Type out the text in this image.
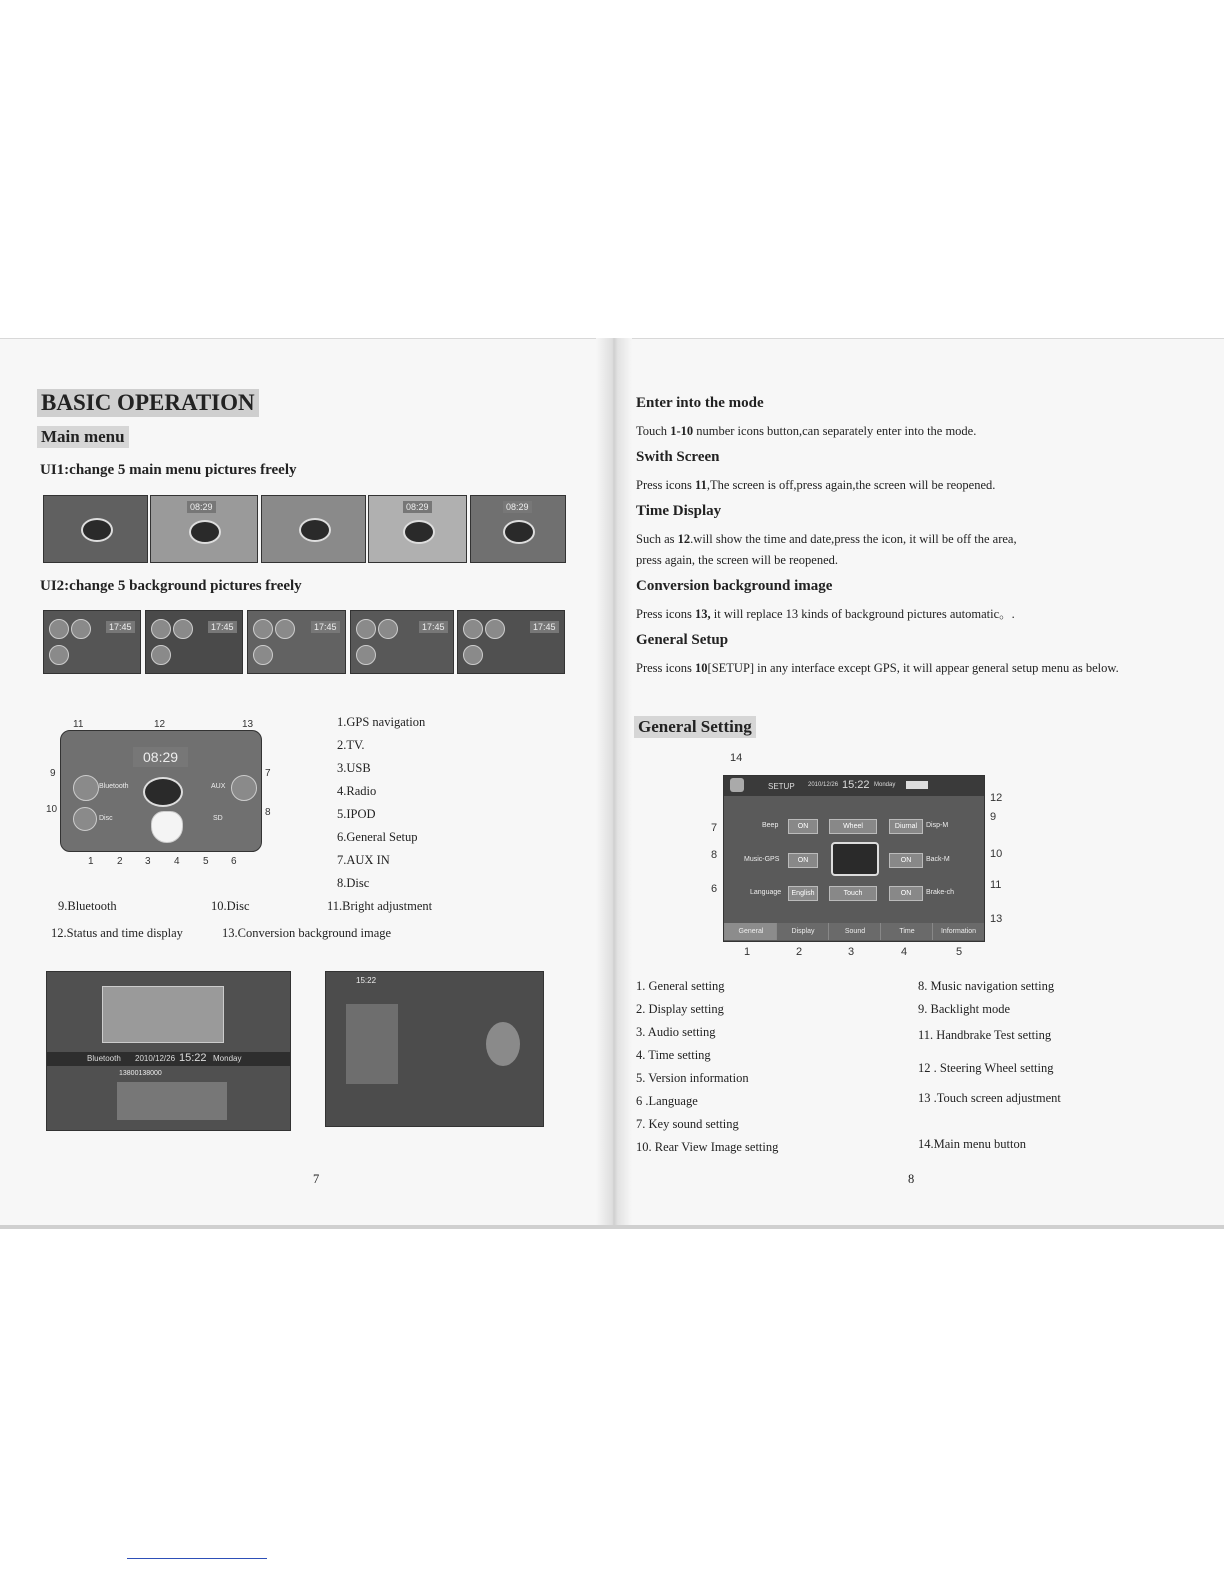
BASIC OPERATION
Main menu
UI1:change 5 main menu pictures freely
08:29	08:29	08:29
UI2:change 5 background pictures freely
17:45	17:45	17:45	17:45	17:45
11	12	13
9
10
7
8
08:29
Bluetooth	AUX
Disc	SD
1 2 3 4 5 6
1.GPS navigation
2.TV.
3.USB
4.Radio
5.IPOD
6.General Setup
7.AUX IN
8.Disc
9.Bluetooth	10.Disc	11.Bright adjustment
12.Status and time display	13.Conversion background image
Bluetooth 2010/12/26 15:22 Monday
13800138000
15:22
7
Enter into the mode
Touch 1-10 number icons button,can separately enter into the mode.
Swith Screen
Press icons 11,The screen is off,press again,the screen will be reopened.
Time Display
Such as 12.will show the time and date,press the icon, it will be off the area,
press again, the screen will be reopened.
Conversion background image
Press icons 13, it will replace 13 kinds of background pictures automatic。.
General Setup
Press icons 10[SETUP] in any interface except GPS, it will appear general setup menu as below.
General Setting
14
7
8
6
12
9
10
11
13
SETUP 2010/12/26 15:22 Monday
Beep	ON	Wheel	Diurnal	Disp-M
Music-GPS	ON	ON	Back-M
Language	English	Touch	ON	Brake-ch
General	Display	Sound	Time	Information
1	2	3	4	5
1. General setting
2. Display setting
3. Audio setting
4. Time setting
5. Version information
6 .Language
7. Key sound setting
10. Rear View Image setting
8. Music navigation setting
9. Backlight mode
11. Handbrake Test setting
12 . Steering Wheel setting
13 .Touch screen adjustment
14.Main menu button
8
